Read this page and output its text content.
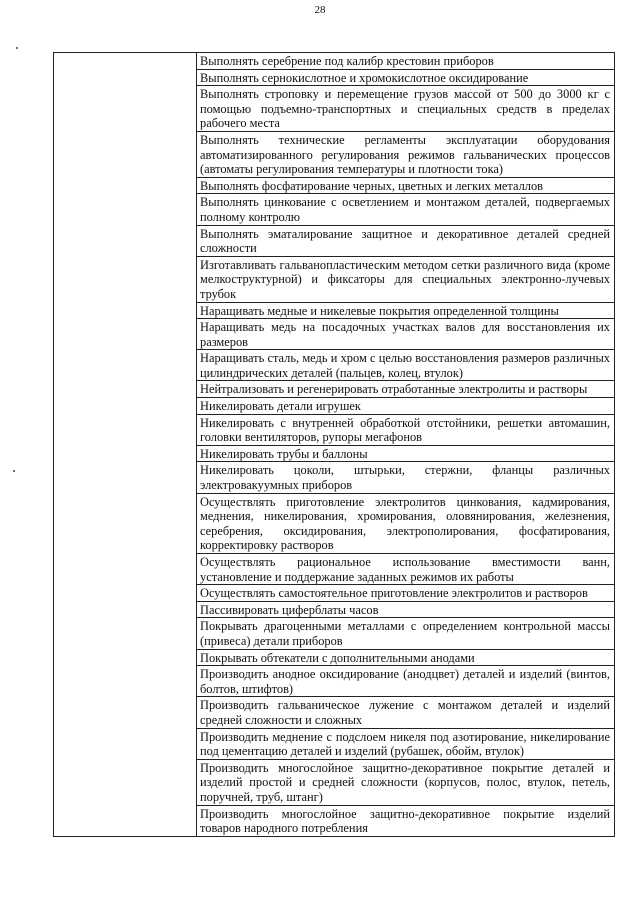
28
	Выполнять серебрение под калибр крестовин приборов
Выполнять сернокислотное и хромокислотное оксидирование
Выполнять строповку и перемещение грузов массой от 500 до 3000 кг с помощью подъемно-транспортных и специальных средств в пределах рабочего места
Выполнять технические регламенты эксплуатации оборудования автоматизированного регулирования режимов гальванических процессов (автоматы регулирования температуры и плотности тока)
Выполнять фосфатирование черных, цветных и легких металлов
Выполнять цинкование с осветлением и монтажом деталей, подвергаемых полному контролю
Выполнять эматалирование защитное и декоративное деталей средней сложности
Изготавливать гальванопластическим методом сетки различного вида (кроме мелкоструктурной) и фиксаторы для специальных электронно-лучевых трубок
Наращивать медные и никелевые покрытия определенной толщины
Наращивать медь на посадочных участках валов для восстановления их размеров
Наращивать сталь, медь и хром с целью восстановления размеров различных цилиндрических деталей (пальцев, колец, втулок)
Нейтрализовать и регенерировать отработанные электролиты и растворы
Никелировать детали игрушек
Никелировать с внутренней обработкой отстойники, решетки автомашин, головки вентиляторов, рупоры мегафонов
Никелировать трубы и баллоны
Никелировать цоколи, штырьки, стержни, фланцы различных электровакуумных приборов
Осуществлять приготовление электролитов цинкования, кадмирования, меднения, никелирования, хромирования, оловянирования, железнения, серебрения, оксидирования, электрополирования, фосфатирования, корректировку растворов
Осуществлять рациональное использование вместимости ванн, установление и поддержание заданных режимов их работы
Осуществлять самостоятельное приготовление электролитов и растворов
Пассивировать циферблаты часов
Покрывать драгоценными металлами с определением контрольной массы (привеса) детали приборов
Покрывать обтекатели с дополнительными анодами
Производить анодное оксидирование (анодцвет) деталей и изделий (винтов, болтов, штифтов)
Производить гальваническое лужение с монтажом деталей и изделий средней сложности и сложных
Производить меднение с подслоем никеля под азотирование, никелирование под цементацию деталей и изделий (рубашек, обойм, втулок)
Производить многослойное защитно-декоративное покрытие деталей и изделий простой и средней сложности (корпусов, полос, втулок, петель, поручней, труб, штанг)
Производить многослойное защитно-декоративное покрытие изделий товаров народного потребления
